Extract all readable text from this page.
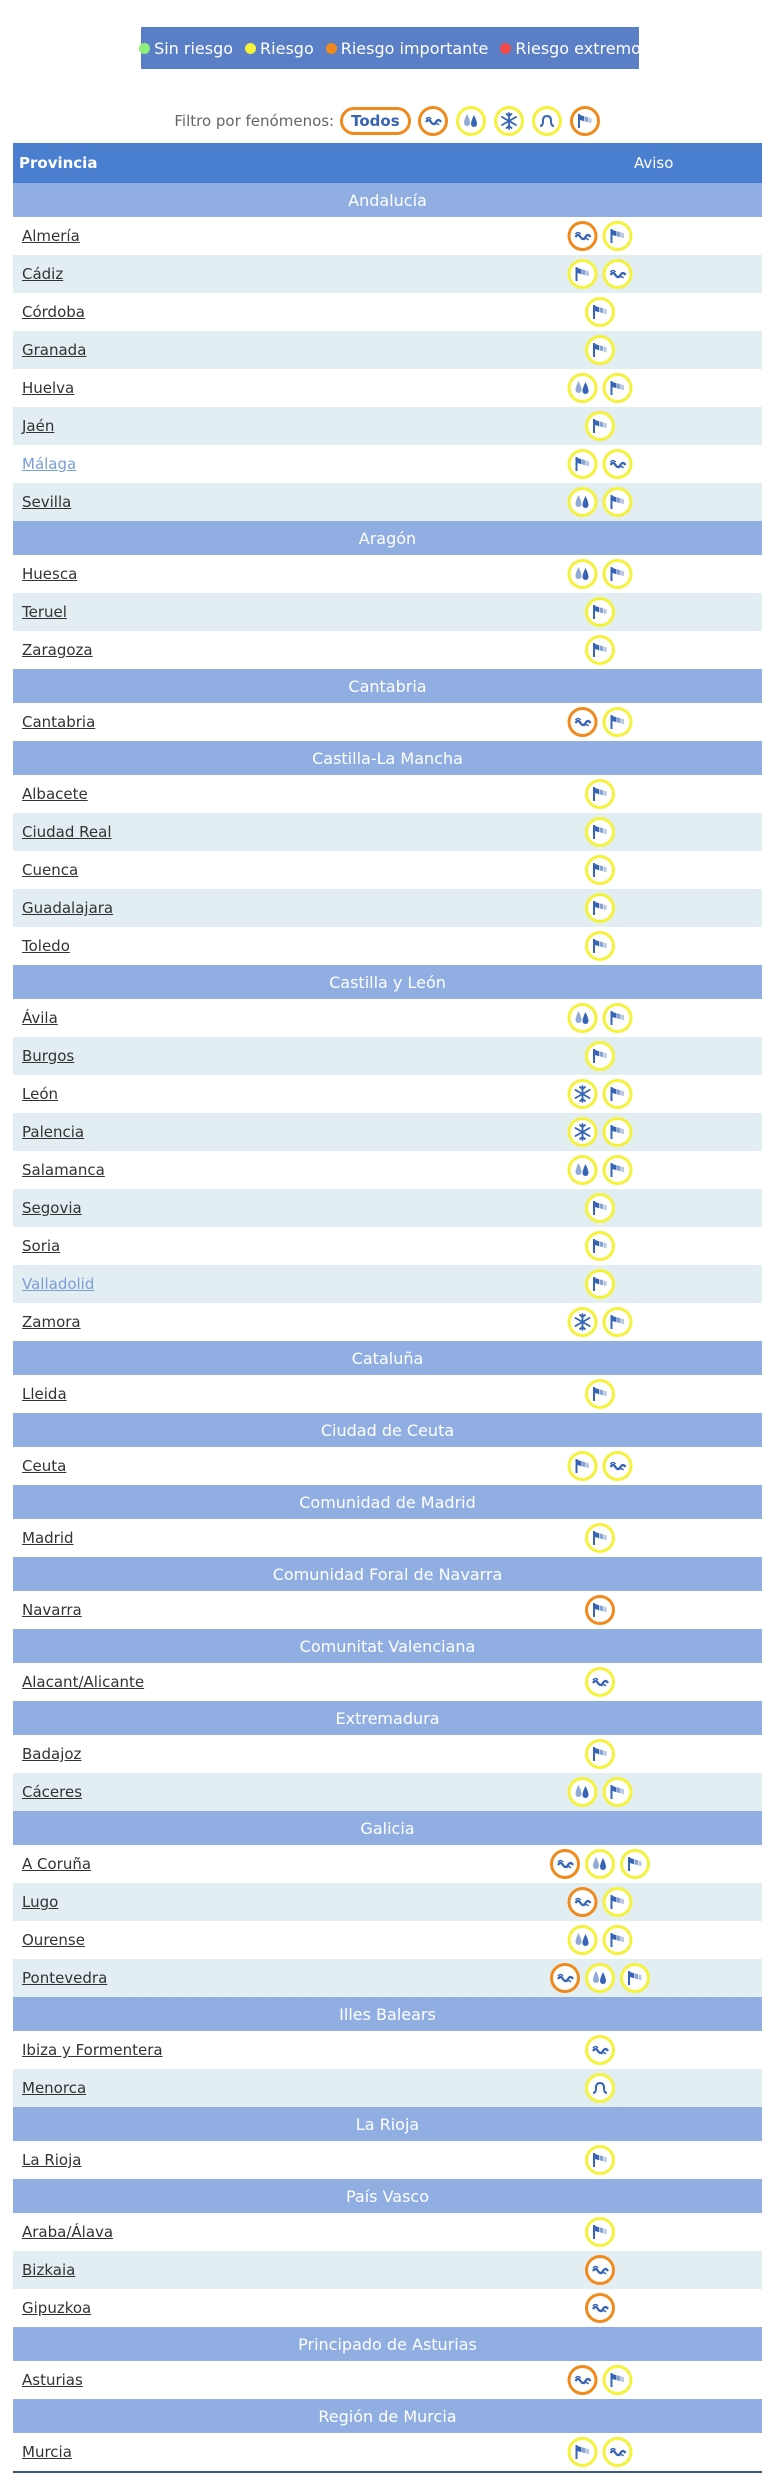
Sin riesgo Riesgo Riesgo importante Riesgo extremo
Filtro por fenómenos:	Todos
Provincia	Aviso
Andalucía
Almería
Cádiz
Córdoba
Granada
Huelva
Jaén
Málaga
Sevilla
Aragón
Huesca
Teruel
Zaragoza
Cantabria
Cantabria
Castilla-La Mancha
Albacete
Ciudad Real
Cuenca
Guadalajara
Toledo
Castilla y León
Ávila
Burgos
León
Palencia
Salamanca
Segovia
Soria
Valladolid
Zamora
Cataluña
Lleida
Ciudad de Ceuta
Ceuta
Comunidad de Madrid
Madrid
Comunidad Foral de Navarra
Navarra
Comunitat Valenciana
Alacant/Alicante
Extremadura
Badajoz
Cáceres
Galicia
A Coruña
Lugo
Ourense
Pontevedra
Illes Balears
Ibiza y Formentera
Menorca
La Rioja
La Rioja
País Vasco
Araba/Álava
Bizkaia
Gipuzkoa
Principado de Asturias
Asturias
Región de Murcia
Murcia
